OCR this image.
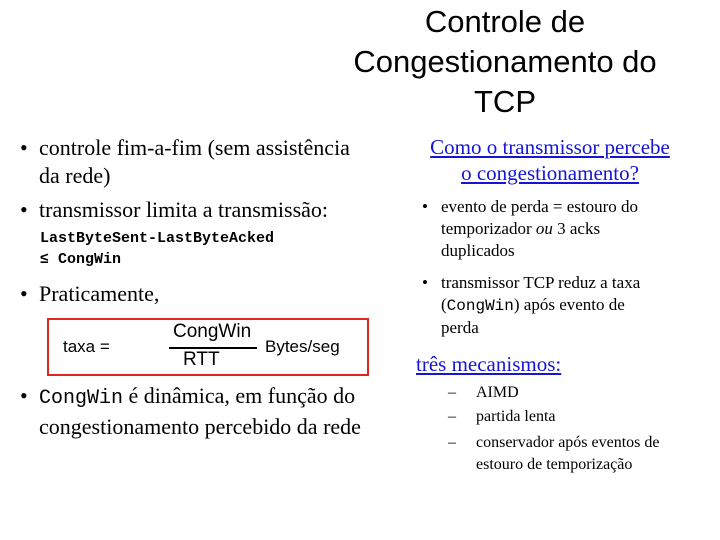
Controle de
Congestionamento do
TCP
• controle fim-a-fim (sem assistência
da rede)
• transmissor limita a transmissão:
LastByteSent-LastByteAcked
≤ CongWin
• Praticamente,
taxa =
CongWin
RTT
Bytes/seg
• CongWin é dinâmica, em função do
congestionamento percebido da rede
Como o transmissor percebe
o congestionamento?
• evento de perda = estouro do
temporizador ou 3 acks
duplicados
• transmissor TCP reduz a taxa
(CongWin) após evento de
perda
três mecanismos:
– AIMD
– partida lenta
– conservador após eventos de
estouro de temporização
